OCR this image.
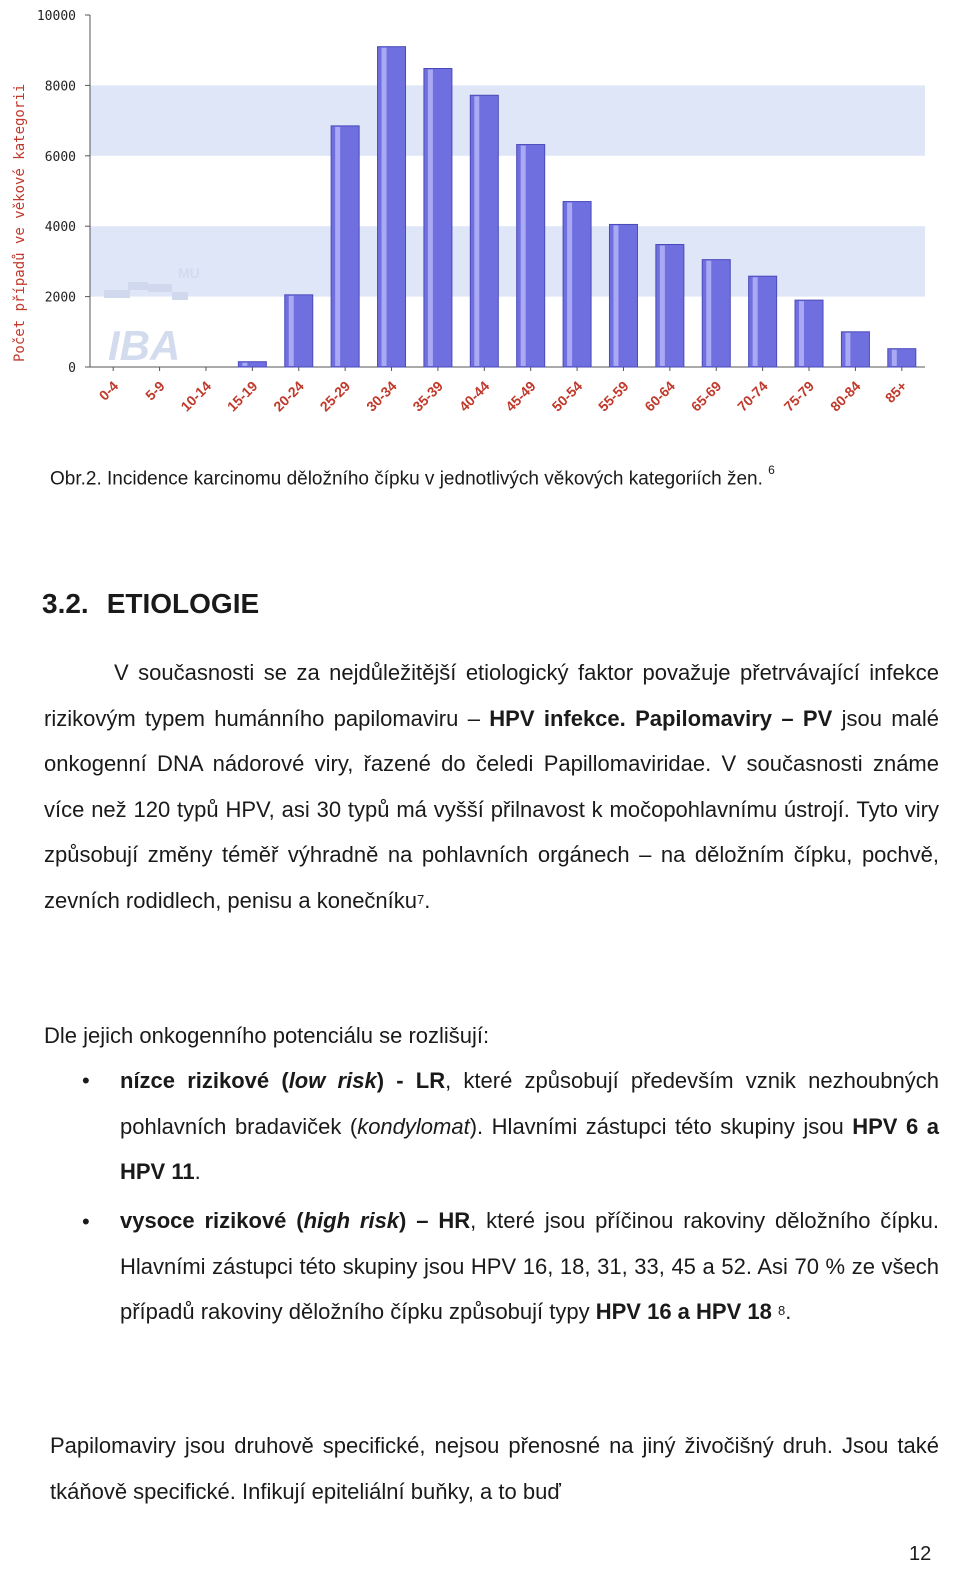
IBA
MU
0
2000
4000
6000
8000
10000
Počet případů ve věkové kategorii
0-4 5-9 10-14 15-19 20-24 25-29 30-34 35-39 40-44 45-49 50-54 55-59 60-64 65-69 70-74 75-79 80-84 85+
Obr.2. Incidence karcinomu děložního čípku v jednotlivých věkových kategoriích žen. $^6$
3.2. ETIOLOGIE
V současnosti se za nejdůležitější etiologický faktor považuje přetrvávající infekce rizikovým typem humánního papilomaviru – HPV infekce. Papilomaviry – PV jsou malé onkogenní DNA nádorové viry, řazené do čeledi Papillomaviridae. V současnosti známe více než 120 typů HPV, asi 30 typů má vyšší přilnavost k močopohlavnímu ústrojí. Tyto viry způsobují změny téměř výhradně na pohlavních orgánech – na děložním čípku, pochvě, zevních rodidlech, penisu a konečníku$^7$.
Dle jejich onkogenního potenciálu se rozlišují:
• nízce rizikové (low risk) - LR, které způsobují především vznik nezhoubných pohlavních bradaviček (kondylomat). Hlavními zástupci této skupiny jsou HPV 6 a HPV 11.
• vysoce rizikové (high risk) – HR, které jsou příčinou rakoviny děložního čípku. Hlavními zástupci této skupiny jsou HPV 16, 18, 31, 33, 45 a 52. Asi 70 % ze všech případů rakoviny děložního čípku způsobují typy HPV 16 a HPV 18 $^8$.
Papilomaviry jsou druhově specifické, nejsou přenosné na jiný živočišný druh. Jsou také tkáňově specifické. Infikují epiteliální buňky, a to buď
12
